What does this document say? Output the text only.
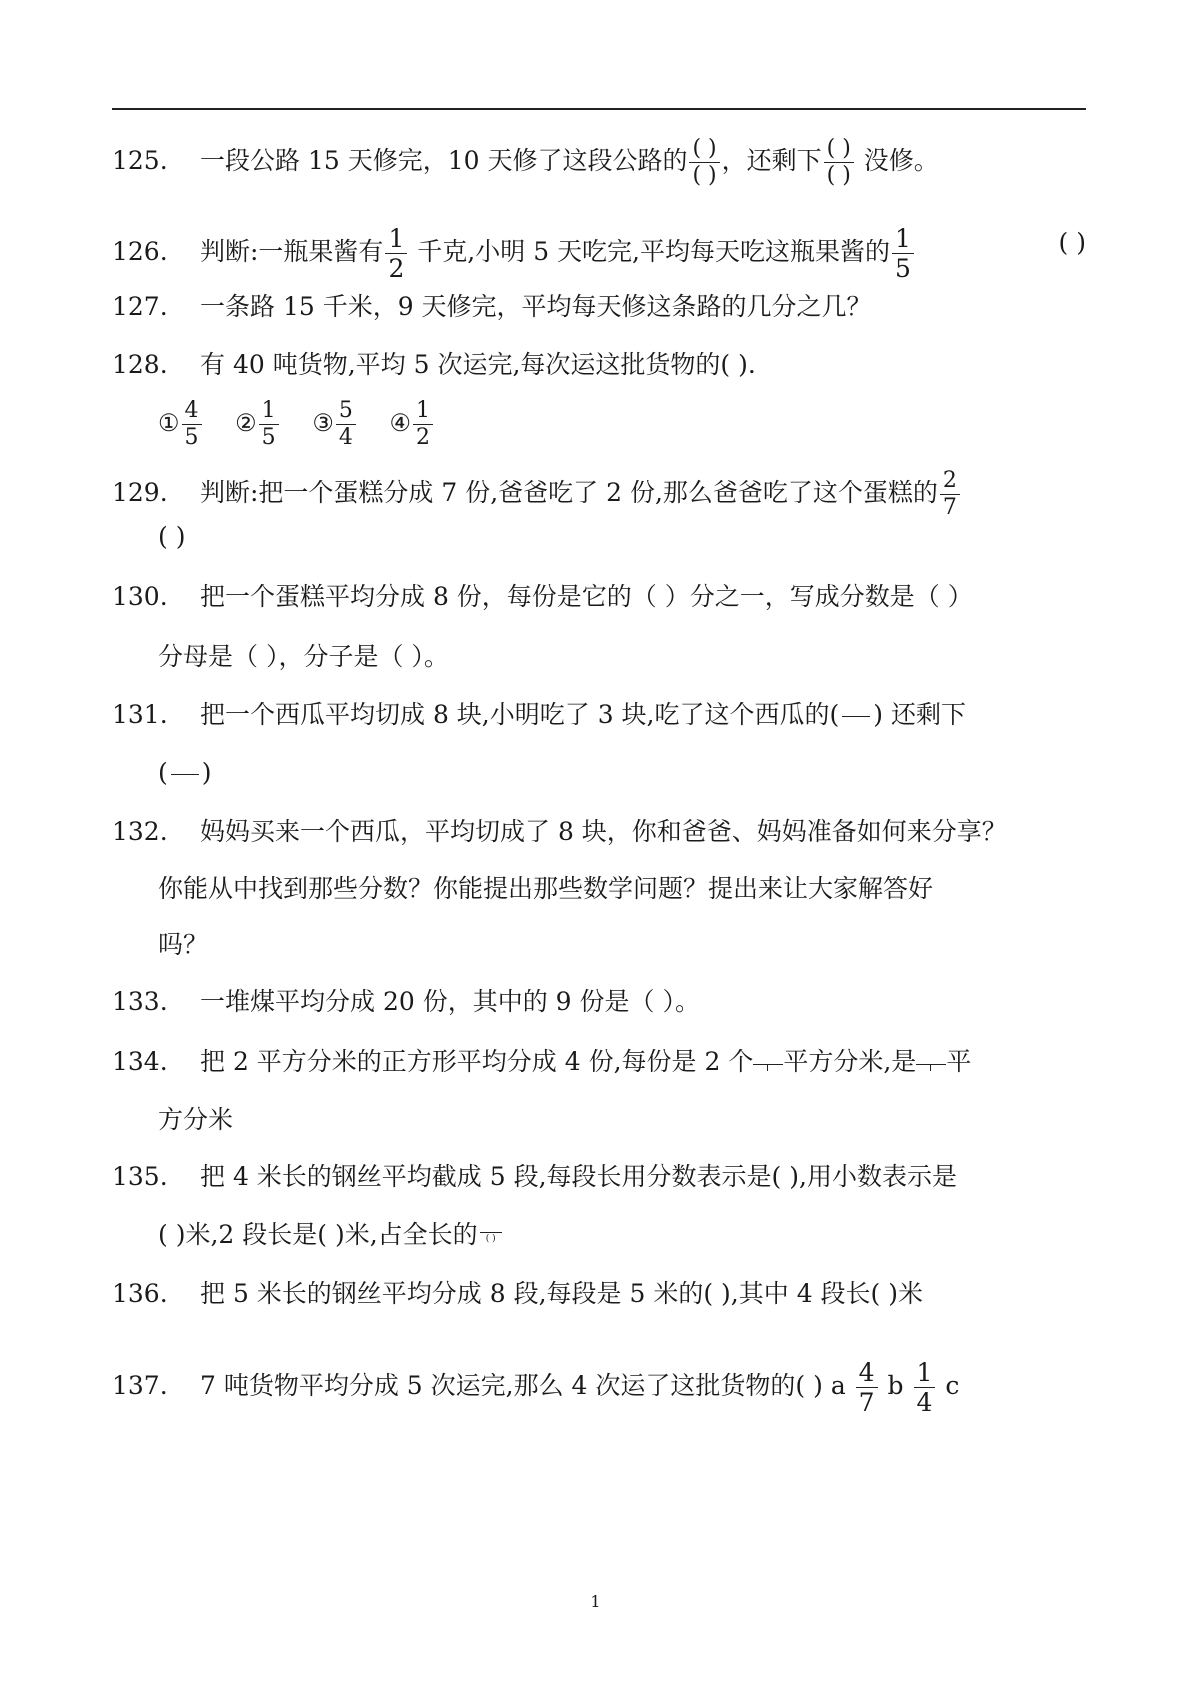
125. 一段公路 15 天修完，10 天修了这段公路的 $\frac{( )}{( )}$ ，还剩下 $\frac{( )}{( )}$ 没修。
126. 判断:一瓶果酱有 $\frac{1}{2}$ 千克,小明 5 天吃完,平均每天吃这瓶果酱的 $\frac{1}{5}$	( )
127. 一条路 15 千米，9 天修完，平均每天修这条路的几分之几？
128. 有 40 吨货物,平均 5 次运完,每次运这批货物的( ).
① $\frac{4}{5}$ ② $\frac{1}{5}$ ③ $\frac{5}{4}$ ④ $\frac{1}{2}$
129. 判断:把一个蛋糕分成 7 份,爸爸吃了 2 份,那么爸爸吃了这个蛋糕的 $\frac{2}{7}$
( )
130. 把一个蛋糕平均分成 8 份，每份是它的（ ）分之一，写成分数是（ ）
分母是（ ），分子是（ ）。
131. 把一个西瓜平均切成 8 块,小明吃了 3 块,吃了这个西瓜的( ) 还剩下
( )
132. 妈妈买来一个西瓜，平均切成了 8 块，你和爸爸、妈妈准备如何来分享？
你能从中找到那些分数？你能提出那些数学问题？提出来让大家解答好
吗？
133. 一堆煤平均分成 20 份，其中的 9 份是（ ）。
134. 把 2 平方分米的正方形平均分成 4 份,每份是 2 个 平方分米,是 平
方分米
135. 把 4 米长的钢丝平均截成 5 段,每段长用分数表示是( ),用小数表示是
( )米,2 段长是( )米,占全长的 ( )
136. 把 5 米长的钢丝平均分成 8 段,每段是 5 米的( ),其中 4 段长( )米
137. 7 吨货物平均分成 5 次运完,那么 4 次运了这批货物的( ) a $\frac{4}{7}$ b $\frac{1}{4}$ c
1
